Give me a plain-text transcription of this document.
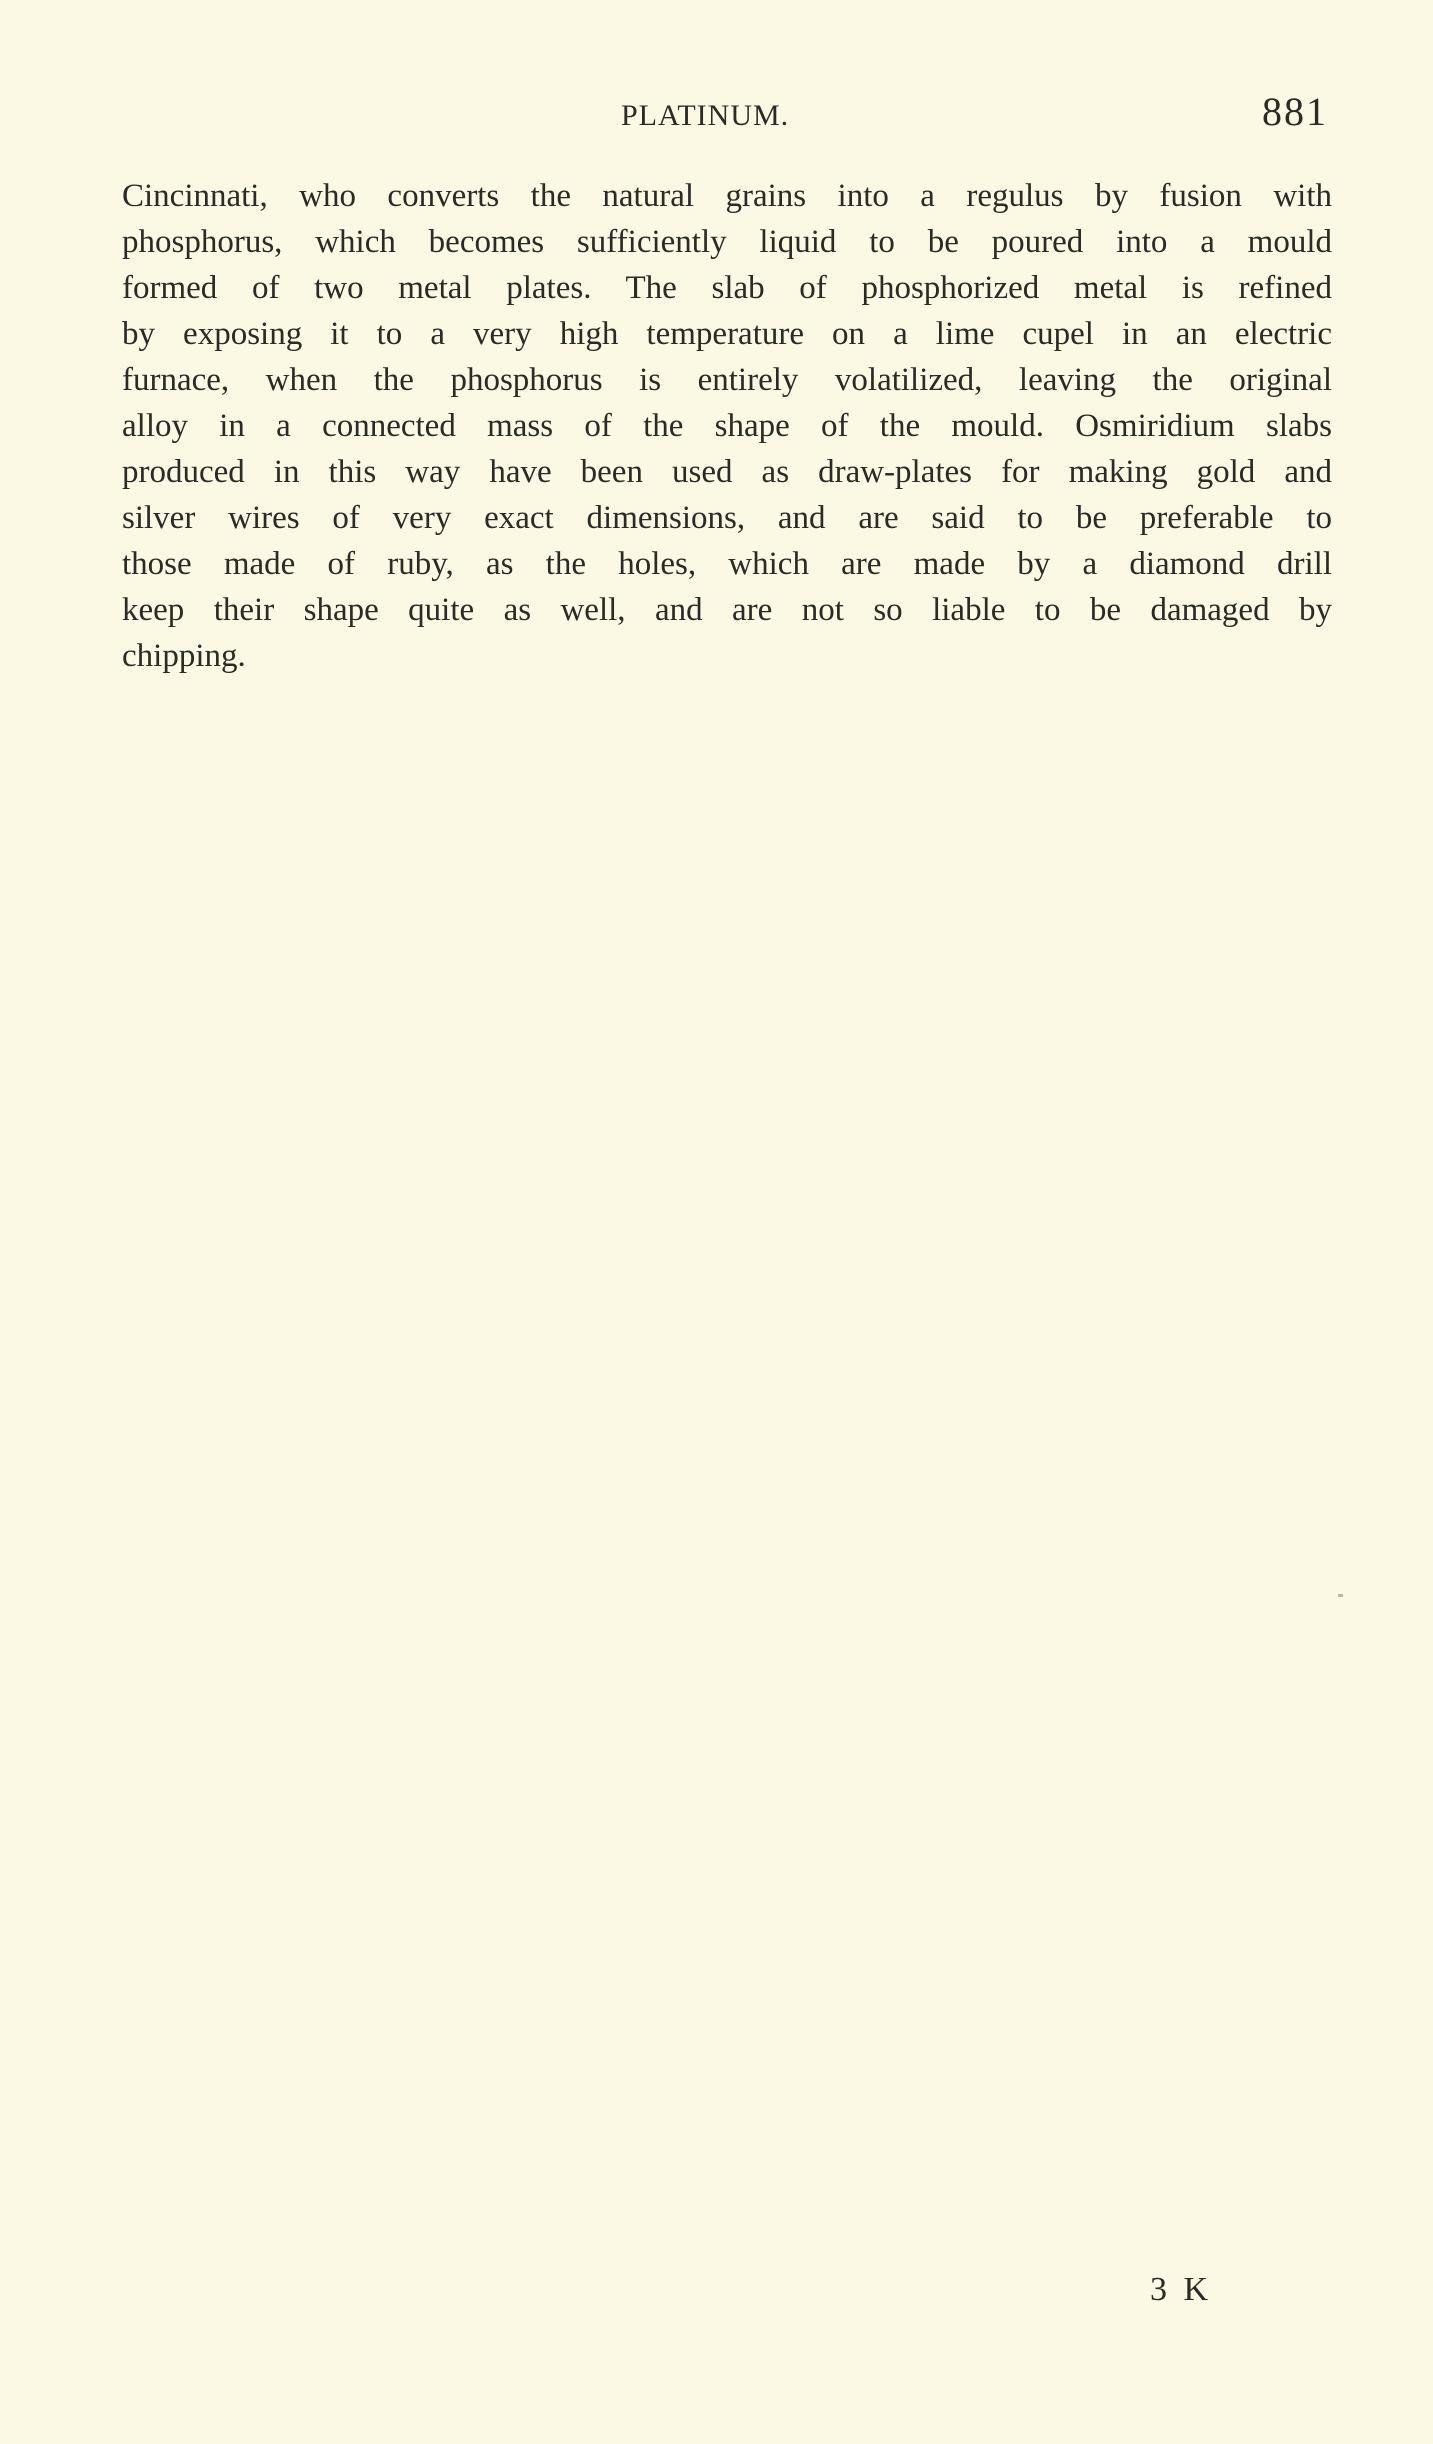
PLATINUM.	881
Cincinnati, who converts the natural grains into a regulus by fusion with
phosphorus, which becomes sufficiently liquid to be poured into a mould
formed of two metal plates. The slab of phosphorized metal is refined
by exposing it to a very high temperature on a lime cupel in an electric
furnace, when the phosphorus is entirely volatilized, leaving the original
alloy in a connected mass of the shape of the mould. Osmiridium slabs
produced in this way have been used as draw-plates for making gold and
silver wires of very exact dimensions, and are said to be preferable to
those made of ruby, as the holes, which are made by a diamond drill
keep their shape quite as well, and are not so liable to be damaged by
chipping.
3 K
